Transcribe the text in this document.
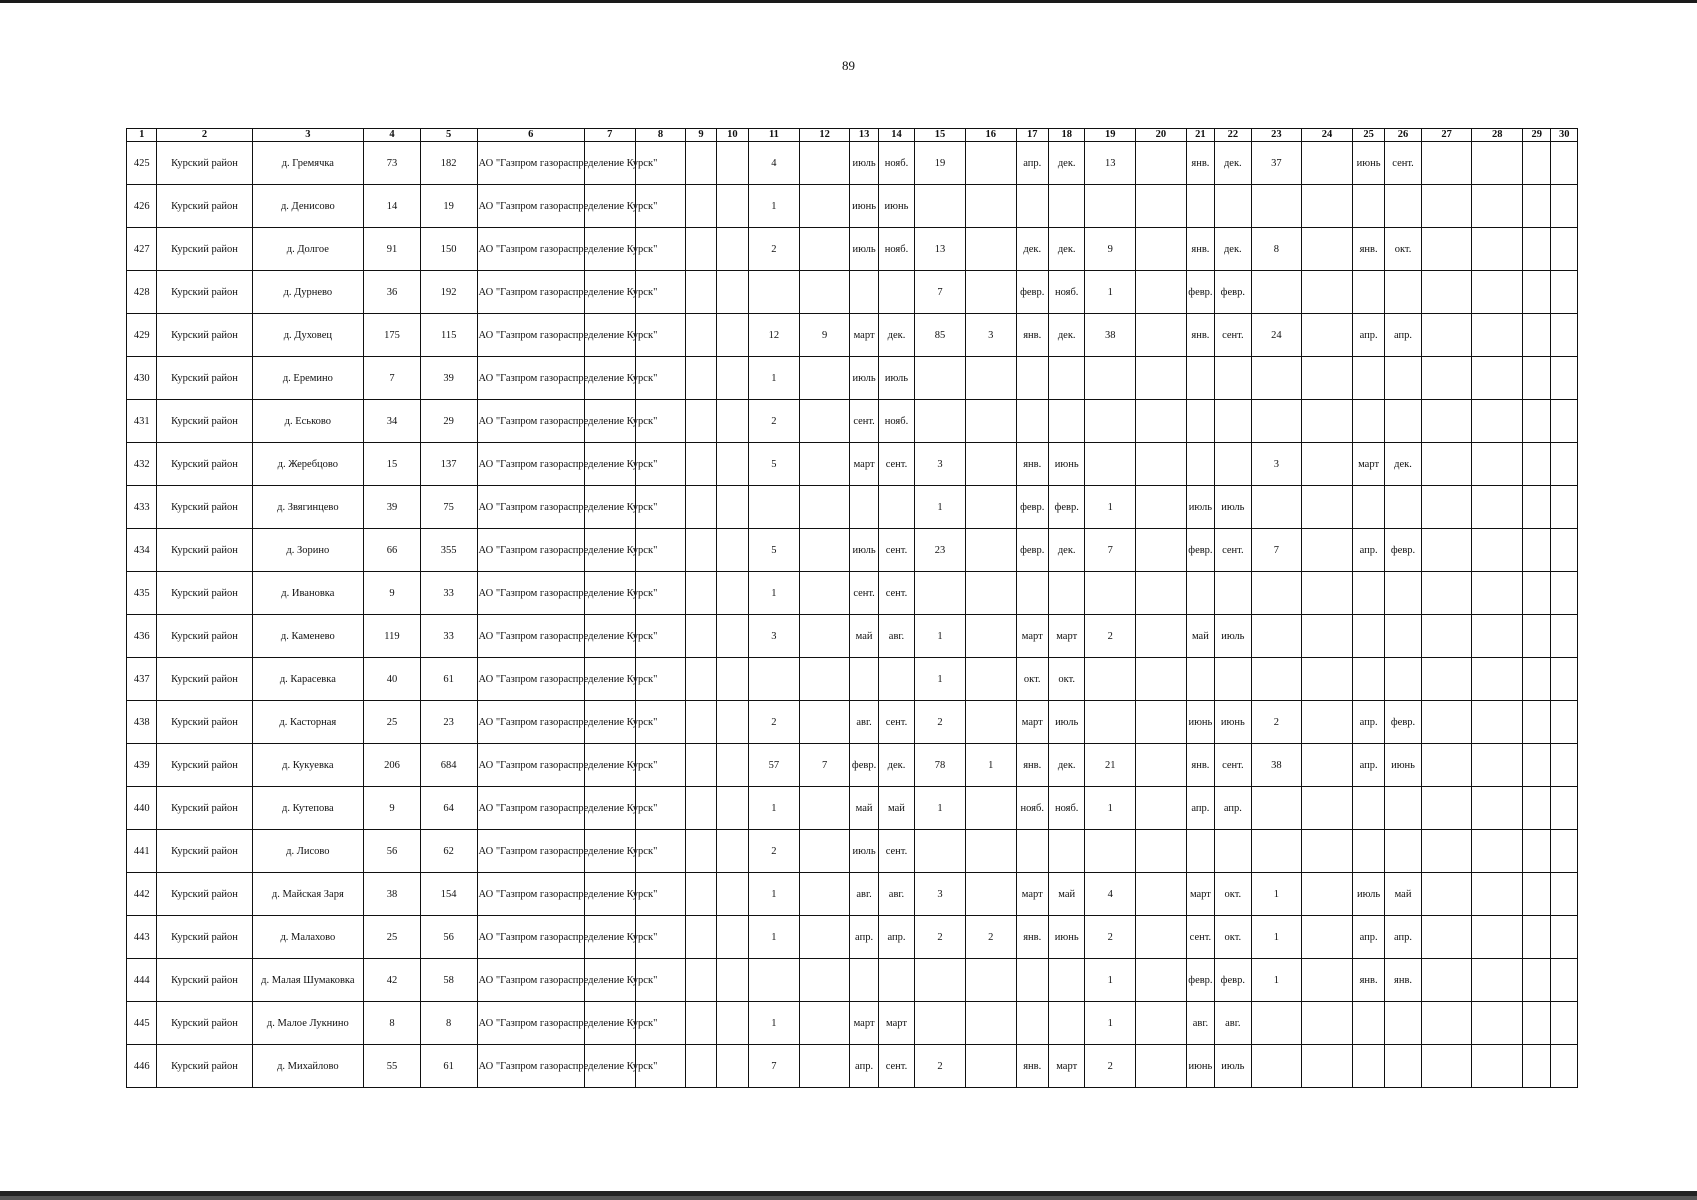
89
1	2	3	4	5	6	7	8	9	10	11	12	13	14	15	16	17	18	19	20	21	22	23	24	25	26	27	28	29	30
425	Курский район	д. Гремячка	73	182	АО "Газпром газораспределение Курск"					4		июль	нояб.	19		апр.	дек.	13		янв.	дек.	37		июнь	сент.				
426	Курский район	д. Денисово	14	19	АО "Газпром газораспределение Курск"					1		июнь	июнь																
427	Курский район	д. Долгое	91	150	АО "Газпром газораспределение Курск"					2		июль	нояб.	13		дек.	дек.	9		янв.	дек.	8		янв.	окт.				
428	Курский район	д. Дурнево	36	192	АО "Газпром газораспределение Курск"									7		февр.	нояб.	1		февр.	февр.								
429	Курский район	д. Духовец	175	115	АО "Газпром газораспределение Курск"					12	9	март	дек.	85	3	янв.	дек.	38		янв.	сент.	24		апр.	апр.				
430	Курский район	д. Еремино	7	39	АО "Газпром газораспределение Курск"					1		июль	июль																
431	Курский район	д. Еськово	34	29	АО "Газпром газораспределение Курск"					2		сент.	нояб.																
432	Курский район	д. Жеребцово	15	137	АО "Газпром газораспределение Курск"					5		март	сент.	3		янв.	июнь					3		март	дек.				
433	Курский район	д. Звягинцево	39	75	АО "Газпром газораспределение Курск"									1		февр.	февр.	1		июль	июль								
434	Курский район	д. Зорино	66	355	АО "Газпром газораспределение Курск"					5		июль	сент.	23		февр.	дек.	7		февр.	сент.	7		апр.	февр.				
435	Курский район	д. Ивановка	9	33	АО "Газпром газораспределение Курск"					1		сент.	сент.																
436	Курский район	д. Каменево	119	33	АО "Газпром газораспределение Курск"					3		май	авг.	1		март	март	2		май	июль								
437	Курский район	д. Карасевка	40	61	АО "Газпром газораспределение Курск"									1		окт.	окт.												
438	Курский район	д. Касторная	25	23	АО "Газпром газораспределение Курск"					2		авг.	сент.	2		март	июль			июнь	июнь	2		апр.	февр.				
439	Курский район	д. Кукуевка	206	684	АО "Газпром газораспределение Курск"					57	7	февр.	дек.	78	1	янв.	дек.	21		янв.	сент.	38		апр.	июнь				
440	Курский район	д. Кутепова	9	64	АО "Газпром газораспределение Курск"					1		май	май	1		нояб.	нояб.	1		апр.	апр.								
441	Курский район	д. Лисово	56	62	АО "Газпром газораспределение Курск"					2		июль	сент.																
442	Курский район	д. Майская Заря	38	154	АО "Газпром газораспределение Курск"					1		авг.	авг.	3		март	май	4		март	окт.	1		июль	май				
443	Курский район	д. Малахово	25	56	АО "Газпром газораспределение Курск"					1		апр.	апр.	2	2	янв.	июнь	2		сент.	окт.	1		апр.	апр.				
444	Курский район	д. Малая Шумаковка	42	58	АО "Газпром газораспределение Курск"													1		февр.	февр.	1		янв.	янв.				
445	Курский район	д. Малое Лукнино	8	8	АО "Газпром газораспределение Курск"					1		март	март					1		авг.	авг.								
446	Курский район	д. Михайлово	55	61	АО "Газпром газораспределение Курск"					7		апр.	сент.	2		янв.	март	2		июнь	июль								
